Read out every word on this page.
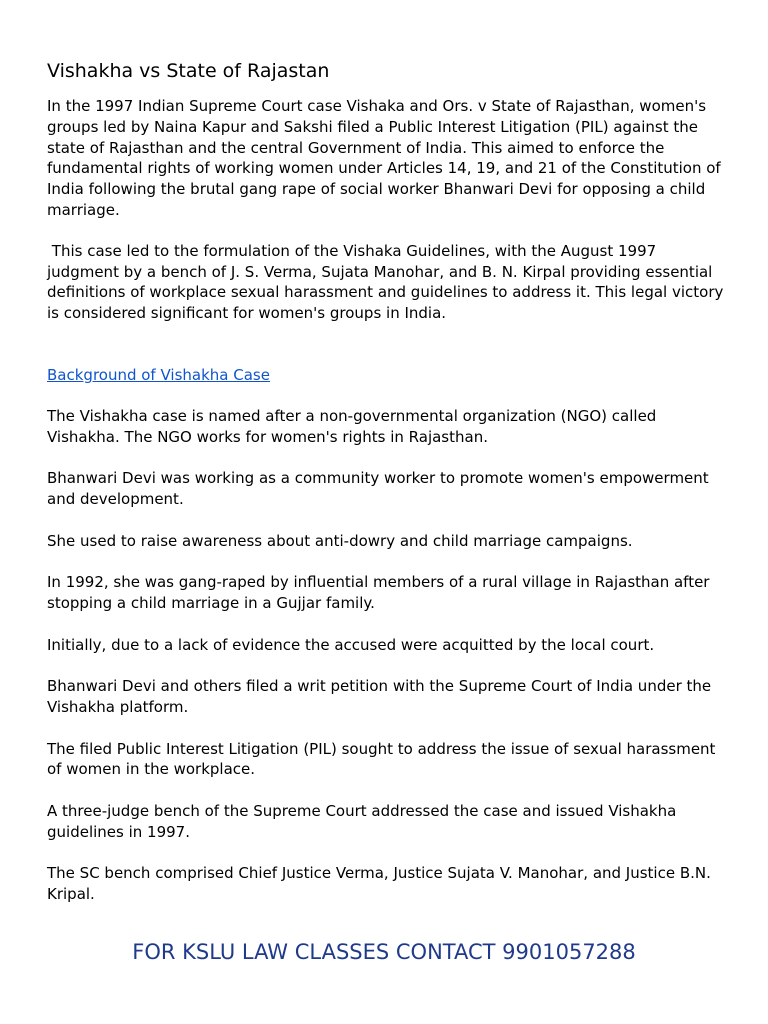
Vishakha vs State of Rajastan

In the 1997 Indian Supreme Court case Vishaka and Ors. v State of Rajasthan, women's groups led by Naina Kapur and Sakshi filed a Public Interest Litigation (PIL) against the state of Rajasthan and the central Government of India. This aimed to enforce the fundamental rights of working women under Articles 14, 19, and 21 of the Constitution of India following the brutal gang rape of social worker Bhanwari Devi for opposing a child marriage.

This case led to the formulation of the Vishaka Guidelines, with the August 1997 judgment by a bench of J. S. Verma, Sujata Manohar, and B. N. Kirpal providing essential definitions of workplace sexual harassment and guidelines to address it. This legal victory is considered significant for women's groups in India.

Background of Vishakha Case

The Vishakha case is named after a non-governmental organization (NGO) called Vishakha. The NGO works for women's rights in Rajasthan.

Bhanwari Devi was working as a community worker to promote women's empowerment and development.

She used to raise awareness about anti-dowry and child marriage campaigns.

In 1992, she was gang-raped by influential members of a rural village in Rajasthan after stopping a child marriage in a Gujjar family.

Initially, due to a lack of evidence the accused were acquitted by the local court.

Bhanwari Devi and others filed a writ petition with the Supreme Court of India under the Vishakha platform.

The filed Public Interest Litigation (PIL) sought to address the issue of sexual harassment of women in the workplace.

A three-judge bench of the Supreme Court addressed the case and issued Vishakha guidelines in 1997.

The SC bench comprised Chief Justice Verma, Justice Sujata V. Manohar, and Justice B.N. Kripal.

FOR KSLU LAW CLASSES CONTACT 9901057288
